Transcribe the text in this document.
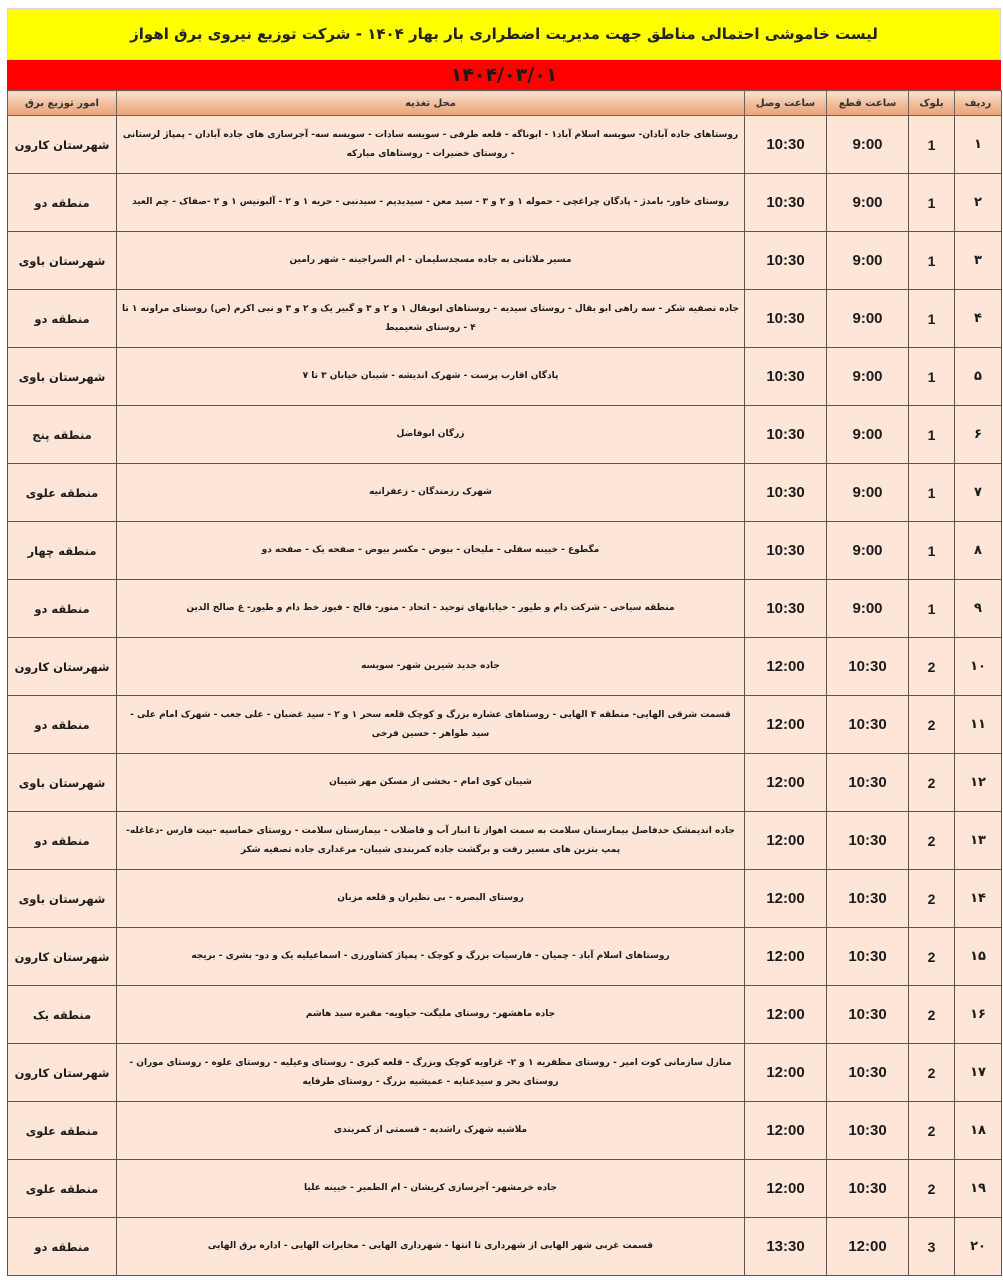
لیست خاموشی احتمالی مناطق جهت مدیریت اضطراری بار بهار ۱۴۰۴ - شرکت توزیع نیروی برق اهواز
۱۴۰۴/۰۳/۰۱
ردیف	بلوک	ساعت قطع	ساعت وصل	محل تغذیه	امور توزیع برق
۱	1	9:00	10:30	روستاهای جاده آبادان- سویسه اسلام آباد۱ - ابوناگه - قلعه طرفی - سویسه سادات - سویسه سه- آجرسازی های جاده آبادان - پمپاژ لرستانی - روستای خضیرات - روستاهای مبارکه	شهرستان کارون
۲	1	9:00	10:30	روستای خاور- بامدژ - پادگان چراغچی - حموله ۱ و ۲ و ۳ - سید معن - سیدیدیم - سیدنبی - حریه ۱ و ۲ - آلبونیس ۱ و ۲ -صفاک - چم العید	منطقه دو
۳	1	9:00	10:30	مسیر ملاثانی به جاده مسجدسلیمان - ام السراجینه - شهر رامین	شهرستان باوی
۴	1	9:00	10:30	جاده تصفیه شکر - سه راهی ابو بقال - روستای سیدیه - روستاهای ابوبقال ۱ و ۲ و ۳ و گبیر یک و ۲ و ۳ و نبی اکرم (ص) روستای مراونه ۱ تا ۴ - روستای شعیمیط	منطقه دو
۵	1	9:00	10:30	پادگان اقارب پرست - شهرک اندیشه - شیبان خیابان ۳ تا ۷	شهرستان باوی
۶	1	9:00	10:30	زرگان ابوفاضل	منطقه پنج
۷	1	9:00	10:30	شهرک رزمندگان - زعفرانیه	منطقه علوی
۸	1	9:00	10:30	مگطوع - خیینه سفلی - ملیحان - بیوض - مکسر بیوض - صفحه یک - صفحه دو	منطقه چهار
۹	1	9:00	10:30	منطقه سیاحی - شرکت دام و طیور - خیابانهای توحید - اتحاد - منور- فالح - فیوز خط دام و طیور- غ صالح الدین	منطقه دو
۱۰	2	10:30	12:00	جاده جدید شیرین شهر- سویسه	شهرستان کارون
۱۱	2	10:30	12:00	قسمت شرقی الهایی- منطقه ۴ الهایی - روستاهای عشاره بزرگ و کوچک قلعه سحر ۱ و ۲ - سید غضبان - علی جعب - شهرک امام علی - سید طواهر - حسین فرخی	منطقه دو
۱۲	2	10:30	12:00	شیبان کوی امام - بخشی از مسکن مهر شیبان	شهرستان باوی
۱۳	2	10:30	12:00	جاده اندیمشک حدفاصل بیمارستان سلامت به سمت اهواز تا انبار آب و فاضلاب - بیمارستان سلامت - روستای خماسیه -بیت فارس -دغاغله-پمپ بنزین های مسیر رفت و برگشت جاده کمربندی شیبان- مرغداری جاده تصفیه شکر	منطقه دو
۱۴	2	10:30	12:00	روستای البصره - بی نظیران و قلعه مزبان	شهرستان باوی
۱۵	2	10:30	12:00	روستاهای اسلام آباد - چمیان - فارسیات بزرگ و کوچک - پمپاژ کشاورزی - اسماعیلیه یک و دو- بشری - بریجه	شهرستان کارون
۱۶	2	10:30	12:00	جاده ماهشهر- روستای ملیگت- حیاویه- مقبره سید هاشم	منطقه یک
۱۷	2	10:30	12:00	منازل سازمانی کوت امیر - روستای مظفریه ۱ و ۲- غزاویه کوچک وبزرگ - قلعه کبری - روستای وعیلیه - روستای علوه - روستای موران - روستای بحر و سیدعنایه - عمیشیه بزرگ - روستای طرفایه	شهرستان کارون
۱۸	2	10:30	12:00	ملاشیه شهرک راشدیه - قسمتی از کمربندی	منطقه علوی
۱۹	2	10:30	12:00	جاده خرمشهر- آجرسازی کریشان - ام الطمیر - خیینه علیا	منطقه علوی
۲۰	3	12:00	13:30	قسمت غربی شهر الهایی از شهرداری تا انتها - شهرداری الهایی - مخابرات الهایی - اداره برق الهایی	منطقه دو
